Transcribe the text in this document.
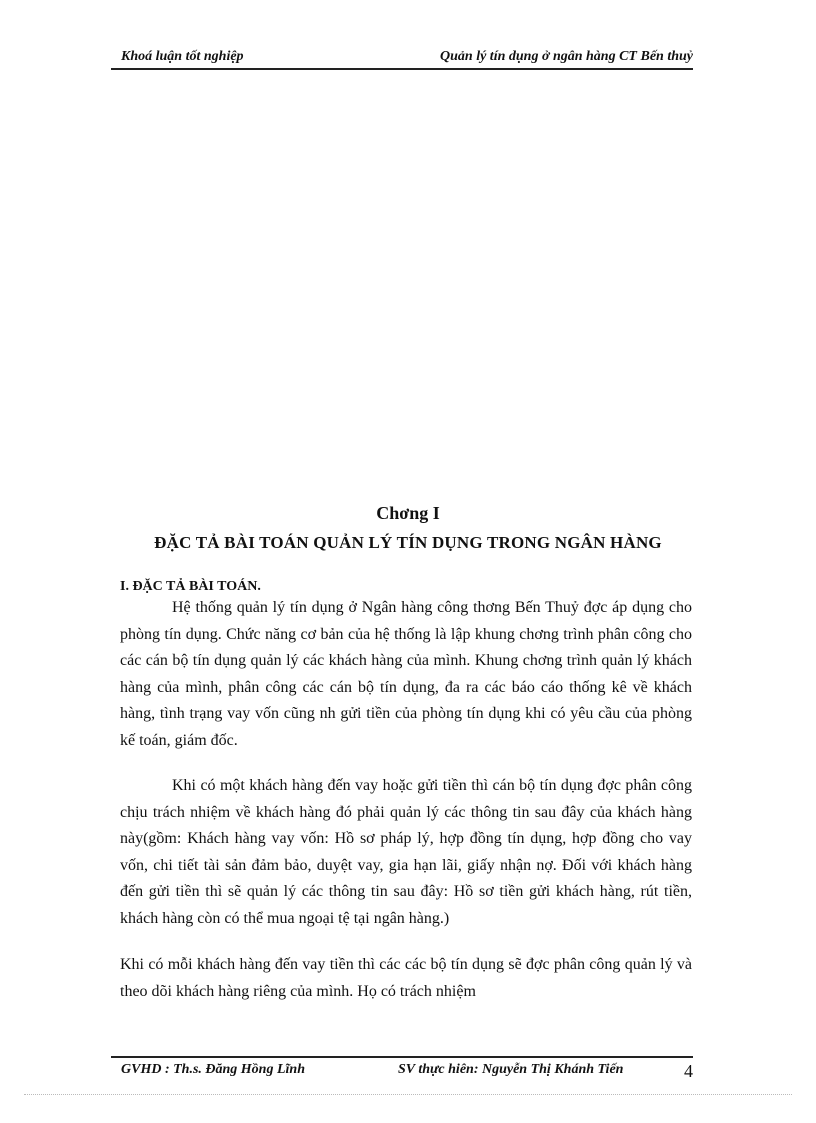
Khoá luận tốt nghiệp	Quản lý tín dụng ở ngân hàng CT Bến thuỷ
Chơng I
ĐẶC TẢ BÀI TOÁN QUẢN LÝ TÍN DỤNG TRONG NGÂN HÀNG
I. ĐẶC TẢ BÀI TOÁN.
Hệ thống quản lý tín dụng ở Ngân hàng công thơng Bến Thuỷ đợc áp dụng cho phòng tín dụng. Chức năng cơ bản của hệ thống là lập khung chơng trình phân công cho các cán bộ tín dụng quản lý các khách hàng của mình. Khung chơng trình quản lý khách hàng của mình, phân công các cán bộ tín dụng, đa ra các báo cáo thống kê về khách hàng, tình trạng vay vốn cũng nh gửi tiền của phòng tín dụng khi có yêu cầu của phòng kế toán, giám đốc.
Khi có một khách hàng đến vay hoặc gửi tiền thì cán bộ tín dụng đợc phân công chịu trách nhiệm về khách hàng đó phải quản lý các thông tin sau đây của khách hàng này(gồm: Khách hàng vay vốn: Hồ sơ pháp lý, hợp đồng tín dụng, hợp đồng cho vay vốn, chi tiết tài sản đảm bảo, duyệt vay, gia hạn lãi, giấy nhận nợ. Đối với khách hàng đến gửi tiền thì sẽ quản lý các thông tin sau đây: Hồ sơ tiền gửi khách hàng, rút tiền, khách hàng còn có thể mua ngoại tệ tại ngân hàng.)
Khi có mỗi khách hàng đến vay tiền thì các các bộ tín dụng sẽ đợc phân công quản lý và theo dõi khách hàng riêng của mình. Họ có trách nhiệm
GVHD : Th.s. Đăng Hồng Lĩnh	SV thực hiên: Nguyễn Thị Khánh Tiến	4
